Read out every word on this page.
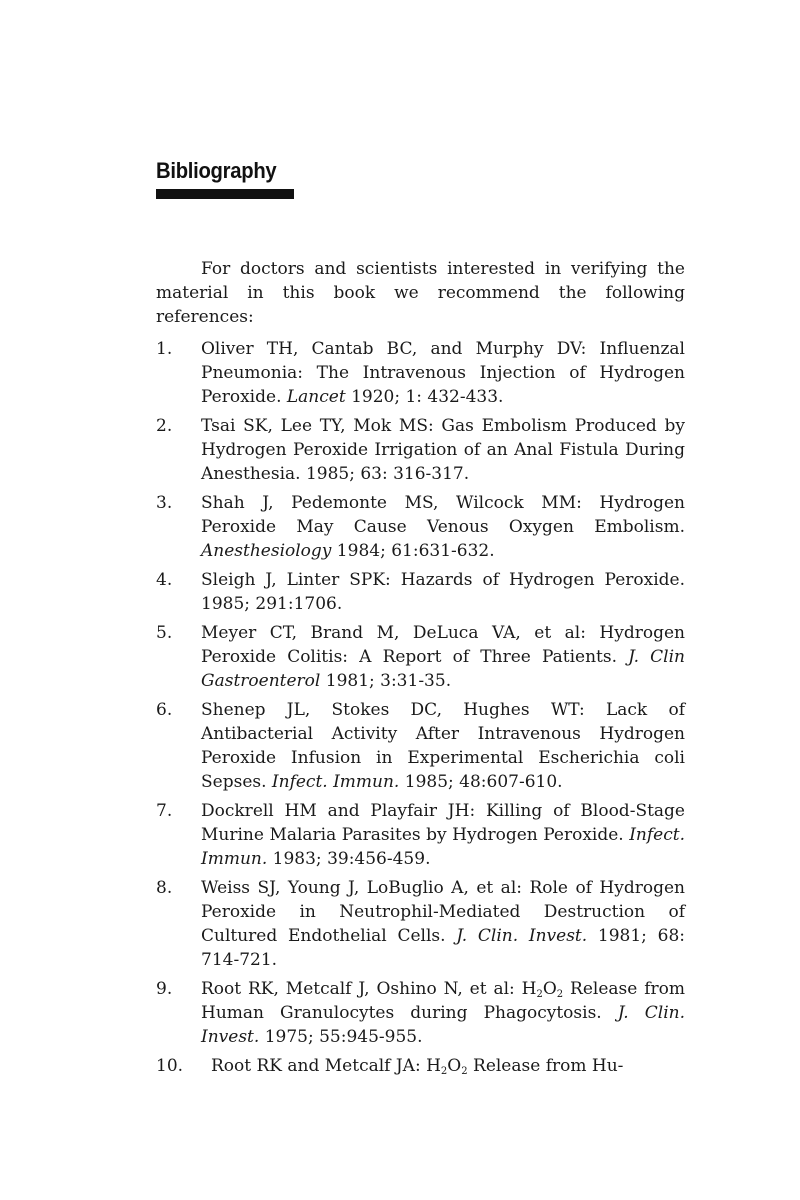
Bibliography

For doctors and scientists interested in verifying the material in this book we recommend the following references:

1. Oliver TH, Cantab BC, and Murphy DV: Influenzal Pneumonia: The Intravenous Injection of Hydrogen Peroxide. Lancet 1920; 1: 432-433.
2. Tsai SK, Lee TY, Mok MS: Gas Embolism Produced by Hydrogen Peroxide Irrigation of an Anal Fistula During Anesthesia. 1985; 63: 316-317.
3. Shah J, Pedemonte MS, Wilcock MM: Hydrogen Peroxide May Cause Venous Oxygen Embolism. Anesthesiology 1984; 61:631-632.
4. Sleigh J, Linter SPK: Hazards of Hydrogen Peroxide. 1985; 291:1706.
5. Meyer CT, Brand M, DeLuca VA, et al: Hydrogen Peroxide Colitis: A Report of Three Patients. J. Clin Gastroenterol 1981; 3:31-35.
6. Shenep JL, Stokes DC, Hughes WT: Lack of Antibacterial Activity After Intravenous Hydrogen Peroxide Infusion in Experimental Escherichia coli Sepses. Infect. Immun. 1985; 48:607-610.
7. Dockrell HM and Playfair JH: Killing of Blood-Stage Murine Malaria Parasites by Hydrogen Peroxide. Infect. Immun. 1983; 39:456-459.
8. Weiss SJ, Young J, LoBuglio A, et al: Role of Hydrogen Peroxide in Neutrophil-Mediated Destruction of Cultured Endothelial Cells. J. Clin. Invest. 1981; 68: 714-721.
9. Root RK, Metcalf J, Oshino N, et al: $H_2O_2$ Release from Human Granulocytes during Phagocytosis. J. Clin. Invest. 1975; 55:945-955.
10. Root RK and Metcalf JA: $H_2O_2$ Release from Hu-
